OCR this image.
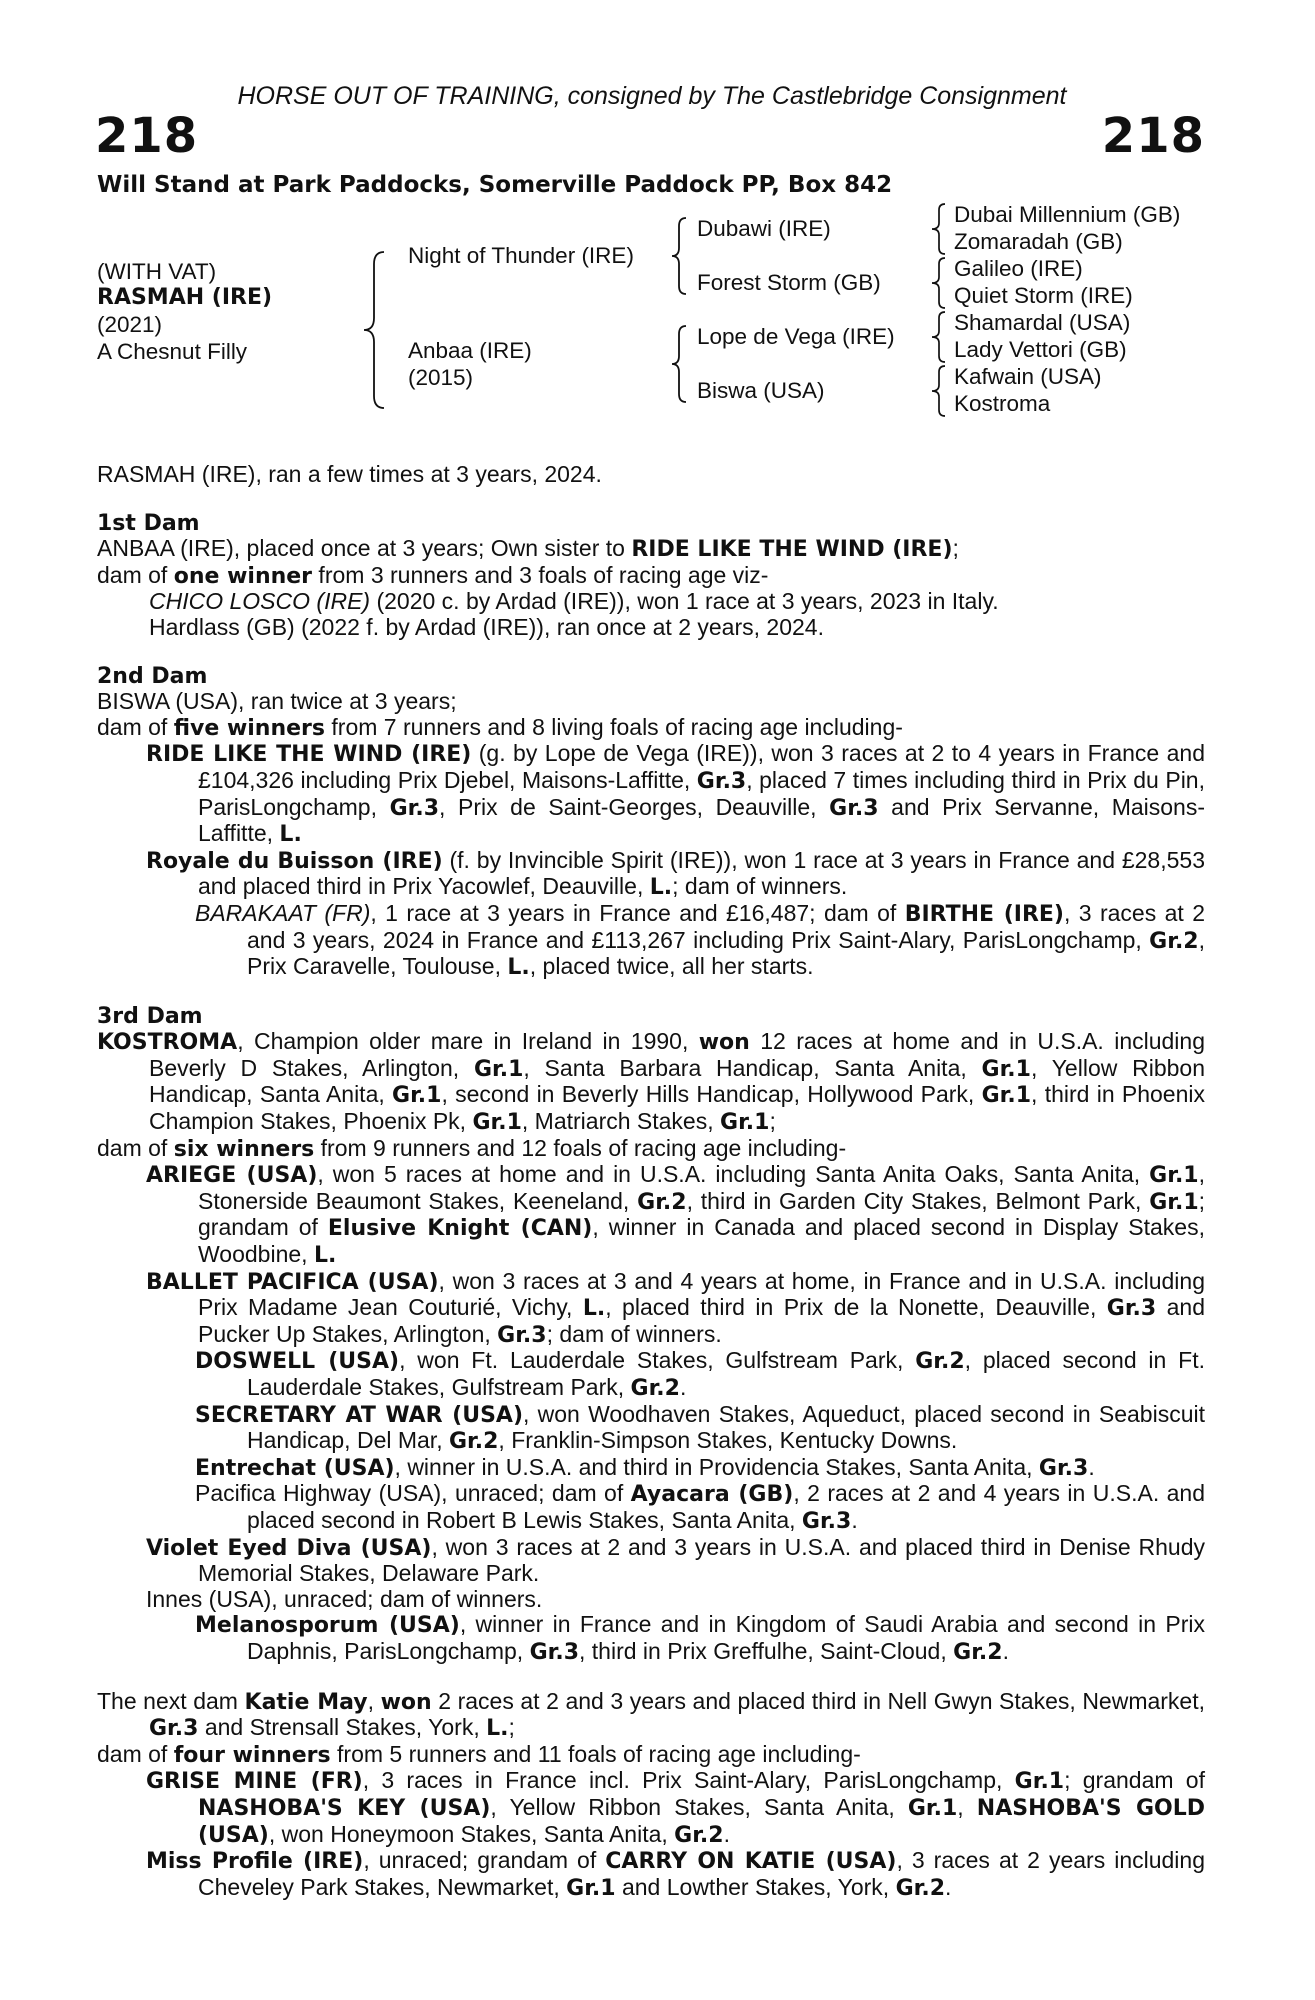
HORSE OUT OF TRAINING, consigned by The Castlebridge Consignment
218	218
Will Stand at Park Paddocks, Somerville Paddock PP, Box 842
(WITH VAT)
RASMAH (IRE)
(2021)
A Chesnut Filly
Night of Thunder (IRE)
Anbaa (IRE)
(2015)
Dubawi (IRE)
Forest Storm (GB)
Lope de Vega (IRE)
Biswa (USA)
Dubai Millennium (GB)
Zomaradah (GB)
Galileo (IRE)
Quiet Storm (IRE)
Shamardal (USA)
Lady Vettori (GB)
Kafwain (USA)
Kostroma

RASMAH (IRE), ran a few times at 3 years, 2024.

1st Dam

ANBAA (IRE), placed once at 3 years; Own sister to RIDE LIKE THE WIND (IRE);

dam of one winner from 3 runners and 3 foals of racing age viz-

CHICO LOSCO (IRE) (2020 c. by Ardad (IRE)), won 1 race at 3 years, 2023 in Italy.

Hardlass (GB) (2022 f. by Ardad (IRE)), ran once at 2 years, 2024.

2nd Dam

BISWA (USA), ran twice at 3 years;

dam of five winners from 7 runners and 8 living foals of racing age including-

RIDE LIKE THE WIND (IRE) (g. by Lope de Vega (IRE)), won 3 races at 2 to 4 years in France and £104,326 including Prix Djebel, Maisons-Laffitte, Gr.3, placed 7 times including third in Prix du Pin, ParisLongchamp, Gr.3, Prix de Saint-Georges, Deauville, Gr.3 and Prix Servanne, Maisons-Laffitte, L.

Royale du Buisson (IRE) (f. by Invincible Spirit (IRE)), won 1 race at 3 years in France and £28,553 and placed third in Prix Yacowlef, Deauville, L.; dam of winners.

BARAKAAT (FR), 1 race at 3 years in France and £16,487; dam of BIRTHE (IRE), 3 races at 2 and 3 years, 2024 in France and £113,267 including Prix Saint-Alary, ParisLongchamp, Gr.2, Prix Caravelle, Toulouse, L., placed twice, all her starts.

3rd Dam

KOSTROMA, Champion older mare in Ireland in 1990, won 12 races at home and in U.S.A. including Beverly D Stakes, Arlington, Gr.1, Santa Barbara Handicap, Santa Anita, Gr.1, Yellow Ribbon Handicap, Santa Anita, Gr.1, second in Beverly Hills Handicap, Hollywood Park, Gr.1, third in Phoenix Champion Stakes, Phoenix Pk, Gr.1, Matriarch Stakes, Gr.1;

dam of six winners from 9 runners and 12 foals of racing age including-

ARIEGE (USA), won 5 races at home and in U.S.A. including Santa Anita Oaks, Santa Anita, Gr.1, Stonerside Beaumont Stakes, Keeneland, Gr.2, third in Garden City Stakes, Belmont Park, Gr.1; grandam of Elusive Knight (CAN), winner in Canada and placed second in Display Stakes, Woodbine, L.

BALLET PACIFICA (USA), won 3 races at 3 and 4 years at home, in France and in U.S.A. including Prix Madame Jean Couturié, Vichy, L., placed third in Prix de la Nonette, Deauville, Gr.3 and Pucker Up Stakes, Arlington, Gr.3; dam of winners.

DOSWELL (USA), won Ft. Lauderdale Stakes, Gulfstream Park, Gr.2, placed second in Ft. Lauderdale Stakes, Gulfstream Park, Gr.2.

SECRETARY AT WAR (USA), won Woodhaven Stakes, Aqueduct, placed second in Seabiscuit Handicap, Del Mar, Gr.2, Franklin-Simpson Stakes, Kentucky Downs.

Entrechat (USA), winner in U.S.A. and third in Providencia Stakes, Santa Anita, Gr.3.

Pacifica Highway (USA), unraced; dam of Ayacara (GB), 2 races at 2 and 4 years in U.S.A. and placed second in Robert B Lewis Stakes, Santa Anita, Gr.3.

Violet Eyed Diva (USA), won 3 races at 2 and 3 years in U.S.A. and placed third in Denise Rhudy Memorial Stakes, Delaware Park.

Innes (USA), unraced; dam of winners.

Melanosporum (USA), winner in France and in Kingdom of Saudi Arabia and second in Prix Daphnis, ParisLongchamp, Gr.3, third in Prix Greffulhe, Saint-Cloud, Gr.2.

The next dam Katie May, won 2 races at 2 and 3 years and placed third in Nell Gwyn Stakes, Newmarket, Gr.3 and Strensall Stakes, York, L.;

dam of four winners from 5 runners and 11 foals of racing age including-

GRISE MINE (FR), 3 races in France incl. Prix Saint-Alary, ParisLongchamp, Gr.1; grandam of NASHOBA'S KEY (USA), Yellow Ribbon Stakes, Santa Anita, Gr.1, NASHOBA'S GOLD (USA), won Honeymoon Stakes, Santa Anita, Gr.2.

Miss Profile (IRE), unraced; grandam of CARRY ON KATIE (USA), 3 races at 2 years including Cheveley Park Stakes, Newmarket, Gr.1 and Lowther Stakes, York, Gr.2.
